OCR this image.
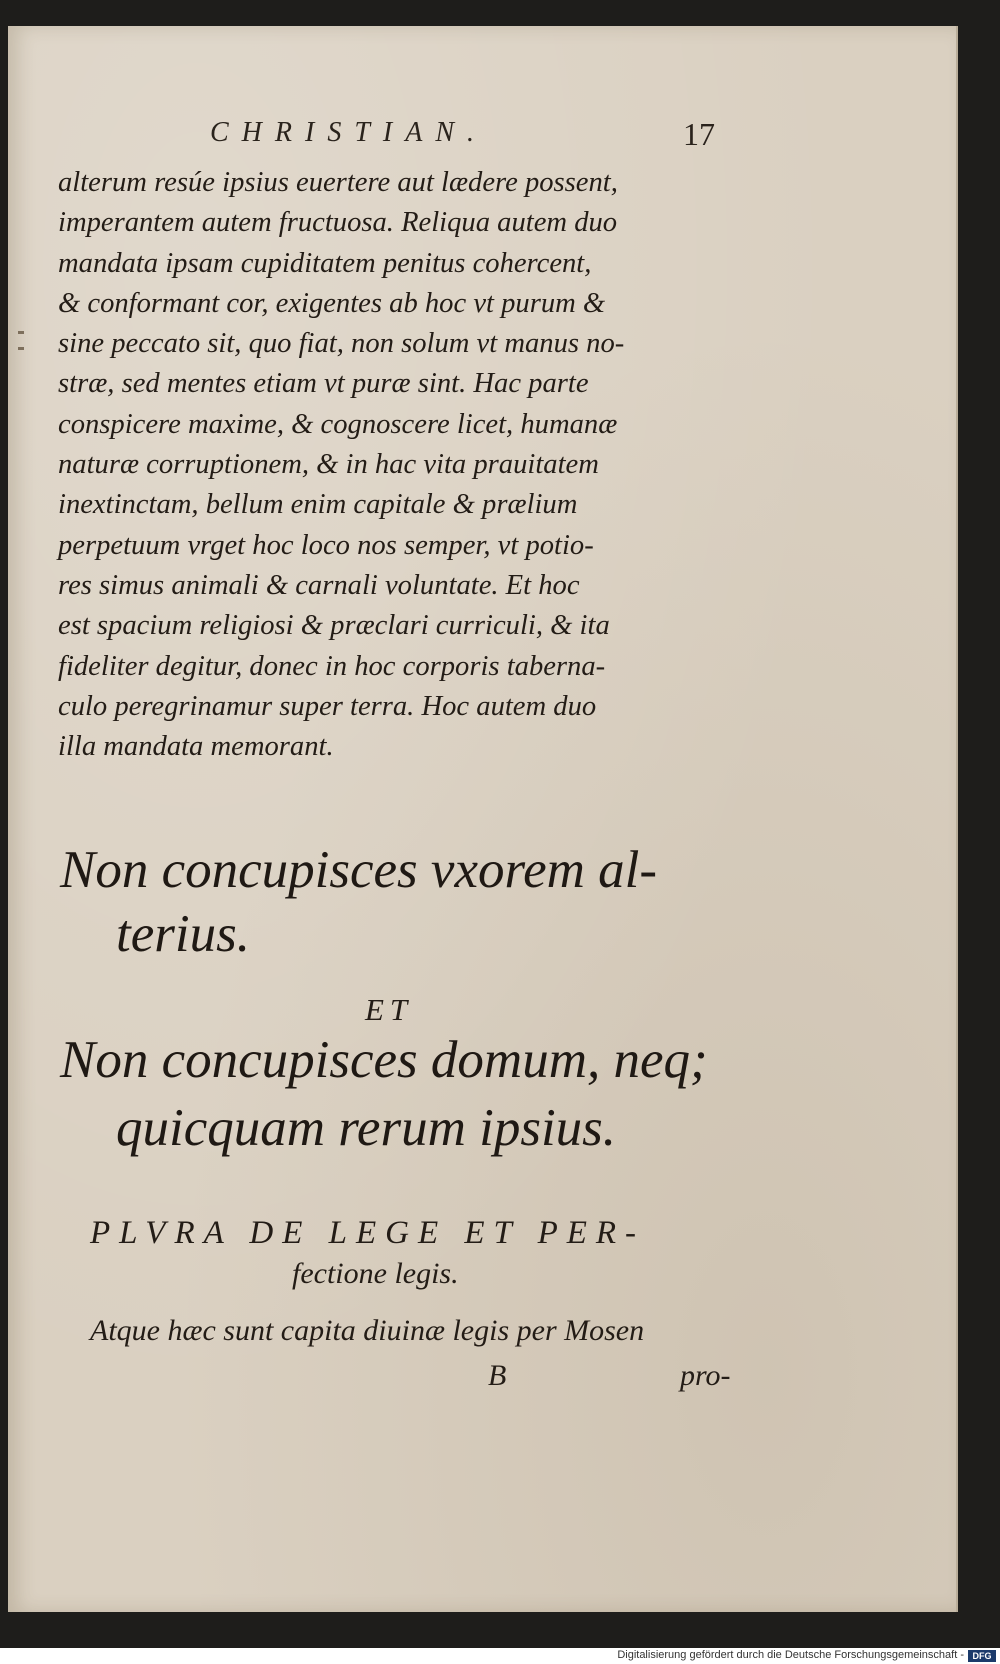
CHRISTIAN.	17
alterum resúe ipsius euertere aut lædere possent,
imperantem autem fructuosa. Reliqua autem duo
mandata ipsam cupiditatem penitus cohercent,
& conformant cor, exigentes ab hoc vt purum &
sine peccato sit, quo fiat, non solum vt manus no-
stræ, sed mentes etiam vt puræ sint. Hac parte
conspicere maxime, & cognoscere licet, humanæ
naturæ corruptionem, & in hac vita prauitatem
inextinctam, bellum enim capitale & prælium
perpetuum vrget hoc loco nos semper, vt potio-
res simus animali & carnali voluntate. Et hoc
est spacium religiosi & præclari curriculi, & ita
fideliter degitur, donec in hoc corporis taberna-
culo peregrinamur super terra. Hoc autem duo
illa mandata memorant.
Non concupisces vxorem al-
terius.
ET
Non concupisces domum, neq;
quicquam rerum ipsius.
PLVRA DE LEGE ET PER-
fectione legis.
Atque hæc sunt capita diuinæ legis per Mosen
B	pro-
Digitalisierung gefördert durch die Deutsche Forschungsgemeinschaft - DFG
